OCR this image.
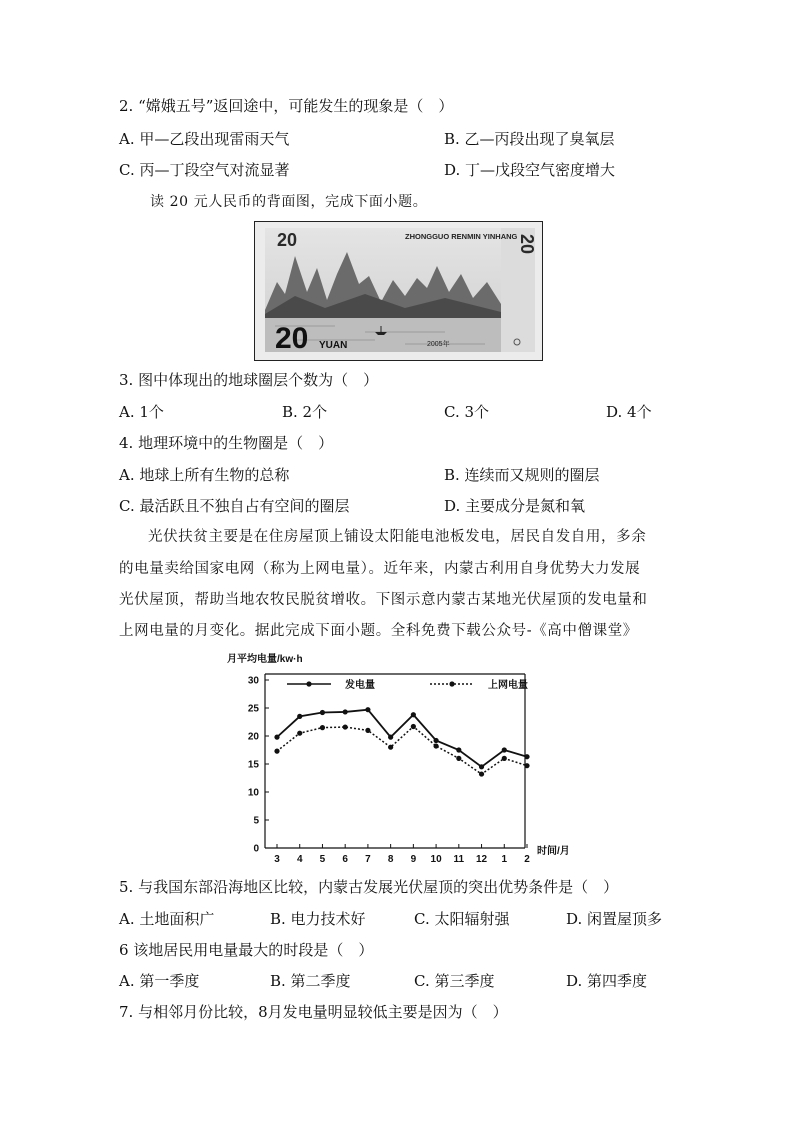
2. “嫦娥五号”返回途中，可能发生的现象是（　）
A. 甲—乙段出现雷雨天气	B. 乙—丙段出现了臭氧层
C. 丙—丁段空气对流显著	D. 丁—戊段空气密度增大
读 20 元人民币的背面图，完成下面小题。
20	ZHONGGUO RENMIN YINHANG 20
20 YUAN	2005年
3. 图中体现出的地球圈层个数为（　）
A. 1个	B. 2个	C. 3个	D. 4个
4. 地理环境中的生物圈是（　）
A. 地球上所有生物的总称	B. 连续而又规则的圈层
C. 最活跃且不独自占有空间的圈层	D. 主要成分是氮和氧
光伏扶贫主要是在住房屋顶上铺设太阳能电池板发电，居民自发自用，多余
的电量卖给国家电网（称为上网电量）。近年来，内蒙古利用自身优势大力发展
光伏屋顶，帮助当地农牧民脱贫增收。下图示意内蒙古某地光伏屋顶的发电量和
上网电量的月变化。据此完成下面小题。全科免费下载公众号-《高中僧课堂》
月平均电量/kw·h
时间/月
0
5
10
15
20
25
30
3 4 5 6 7 8 9 10 11 12 1 2
发电量	上网电量
5. 与我国东部沿海地区比较，内蒙古发展光伏屋顶的突出优势条件是（　）
A. 土地面积广	B. 电力技术好	C. 太阳辐射强	D. 闲置屋顶多
6 该地居民用电量最大的时段是（　）
A. 第一季度	B. 第二季度	C. 第三季度	D. 第四季度
7. 与相邻月份比较，8月发电量明显较低主要是因为（　）
